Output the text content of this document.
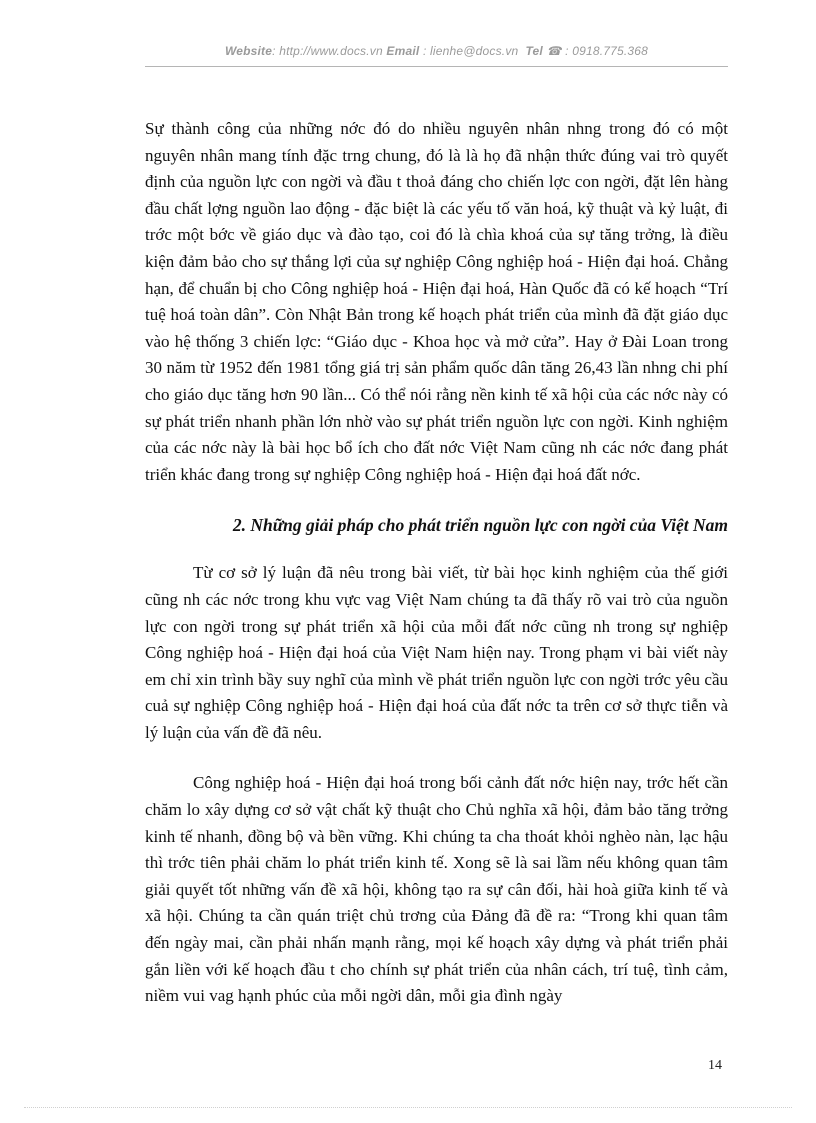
Website: http://www.docs.vn Email : lienhe@docs.vn Tel ☎ : 0918.775.368

Sự thành công của những nớc đó do nhiều nguyên nhân nhng trong đó có một nguyên nhân mang tính đặc trng chung, đó là là họ đã nhận thức đúng vai trò quyết định của nguồn lực con ngời và đầu t thoả đáng cho chiến lợc con ngời, đặt lên hàng đầu chất lợng nguồn lao động - đặc biệt là các yếu tố văn hoá, kỹ thuật và kỷ luật, đi trớc một bớc về giáo dục và đào tạo, coi đó là chìa khoá của sự tăng trởng, là điều kiện đảm bảo cho sự thắng lợi của sự nghiệp Công nghiệp hoá - Hiện đại hoá. Chẳng hạn, để chuẩn bị cho Công nghiệp hoá - Hiện đại hoá, Hàn Quốc đã có kế hoạch “Trí tuệ hoá toàn dân”. Còn Nhật Bản trong kế hoạch phát triển của mình đã đặt giáo dục vào hệ thống 3 chiến lợc: “Giáo dục - Khoa học và mở cửa”. Hay ở Đài Loan trong 30 năm từ 1952 đến 1981 tổng giá trị sản phẩm quốc dân tăng 26,43 lần nhng chi phí cho giáo dục tăng hơn 90 lần... Có thể nói rằng nền kinh tế xã hội của các nớc này có sự phát triển nhanh phần lớn nhờ vào sự phát triển nguồn lực con ngời. Kinh nghiệm của các nớc này là bài học bổ ích cho đất nớc Việt Nam cũng nh các nớc đang phát triển khác đang trong sự nghiệp Công nghiệp hoá - Hiện đại hoá đất nớc.

2. Những giải pháp cho phát triển nguồn lực con ngời của Việt Nam

Từ cơ sở lý luận đã nêu trong bài viết, từ bài học kinh nghiệm của thế giới cũng nh các nớc trong khu vực vag Việt Nam chúng ta đã thấy rõ vai trò của nguồn lực con ngời trong sự phát triển xã hội của mỗi đất nớc cũng nh trong sự nghiệp Công nghiệp hoá - Hiện đại hoá của Việt Nam hiện nay. Trong phạm vi bài viết này em chỉ xin trình bầy suy nghĩ của mình về phát triển nguồn lực con ngời trớc yêu cầu cuả sự nghiệp Công nghiệp hoá - Hiện đại hoá của đất nớc ta trên cơ sở thực tiễn và lý luận của vấn đề đã nêu.

Công nghiệp hoá - Hiện đại hoá trong bối cảnh đất nớc hiện nay, trớc hết cần chăm lo xây dựng cơ sở vật chất kỹ thuật cho Chủ nghĩa xã hội, đảm bảo tăng trởng kinh tế nhanh, đồng bộ và bền vững. Khi chúng ta cha thoát khỏi nghèo nàn, lạc hậu thì trớc tiên phải chăm lo phát triển kinh tế. Xong sẽ là sai lầm nếu không quan tâm giải quyết tốt những vấn đề xã hội, không tạo ra sự cân đối, hài hoà giữa kinh tế và xã hội. Chúng ta cần quán triệt chủ trơng của Đảng đã đề ra: “Trong khi quan tâm đến ngày mai, cần phải nhấn mạnh rằng, mọi kế hoạch xây dựng và phát triển phải gắn liền với kế hoạch đầu t cho chính sự phát triển của nhân cách, trí tuệ, tình cảm, niềm vui vag hạnh phúc của mỗi ngời dân, mỗi gia đình ngày

14
